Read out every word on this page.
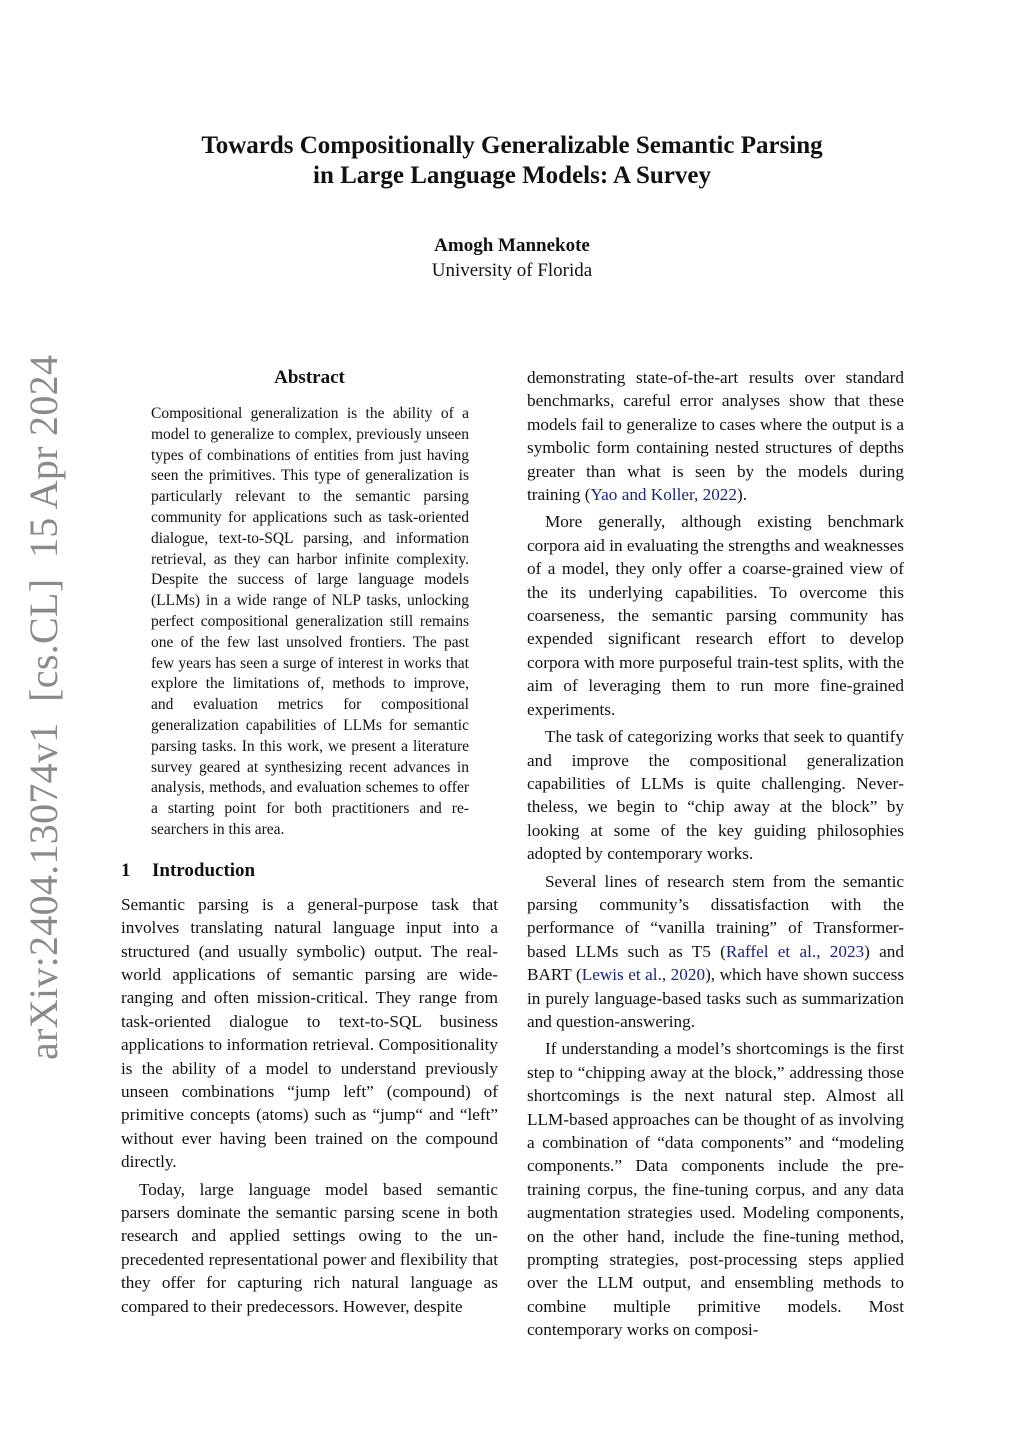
arXiv:2404.13074v1  [cs.CL]  15 Apr 2024
Towards Compositionally Generalizable Semantic Parsing
in Large Language Models: A Survey
Amogh Mannekote
University of Florida
Abstract
Compositional generalization is the ability of a model to generalize to complex, previously unseen types of combinations of entities from just having seen the primitives. This type of generalization is particularly relevant to the semantic parsing community for applications such as task-oriented dialogue, text-to-SQL parsing, and information retrieval, as they can harbor infinite complexity. Despite the success of large language models (LLMs) in a wide range of NLP tasks, unlocking perfect compositional generalization still remains one of the few last unsolved frontiers. The past few years has seen a surge of interest in works that explore the limitations of, methods to improve, and evaluation metrics for compositional generalization capabilities of LLMs for semantic parsing tasks. In this work, we present a literature survey geared at synthesizing recent advances in analysis, methods, and evaluation schemes to offer a starting point for both practitioners and researchers in this area.
1 Introduction

Semantic parsing is a general-purpose task that involves translating natural language input into a structured (and usually symbolic) output. The real-world applications of semantic parsing are wide-ranging and often mission-critical. They range from task-oriented dialogue to text-to-SQL business applications to information retrieval. Compositionality is the ability of a model to understand previously unseen combinations “jump left” (compound) of primitive concepts (atoms) such as “jump“ and “left” without ever having been trained on the compound directly.

Today, large language model based semantic parsers dominate the semantic parsing scene in both research and applied settings owing to the unprecedented representational power and flexibility that they offer for capturing rich natural language as compared to their predecessors. However, despite

demonstrating state-of-the-art results over standard benchmarks, careful error analyses show that these models fail to generalize to cases where the output is a symbolic form containing nested structures of depths greater than what is seen by the models during training (Yao and Koller, 2022).

More generally, although existing benchmark corpora aid in evaluating the strengths and weaknesses of a model, they only offer a coarse-grained view of the its underlying capabilities. To overcome this coarseness, the semantic parsing community has expended significant research effort to develop corpora with more purposeful train-test splits, with the aim of leveraging them to run more fine-grained experiments.

The task of categorizing works that seek to quantify and improve the compositional generalization capabilities of LLMs is quite challenging. Nevertheless, we begin to “chip away at the block” by looking at some of the key guiding philosophies adopted by contemporary works.

Several lines of research stem from the semantic parsing community’s dissatisfaction with the performance of “vanilla training” of Transformer-based LLMs such as T5 (Raffel et al., 2023) and BART (Lewis et al., 2020), which have shown success in purely language-based tasks such as summarization and question-answering.

If understanding a model’s shortcomings is the first step to “chipping away at the block,” addressing those shortcomings is the next natural step. Almost all LLM-based approaches can be thought of as involving a combination of “data components” and “modeling components.” Data components include the pre-training corpus, the fine-tuning corpus, and any data augmentation strategies used. Modeling components, on the other hand, include the fine-tuning method, prompting strategies, post-processing steps applied over the LLM output, and ensembling methods to combine multiple primitive models. Most contemporary works on composi-
